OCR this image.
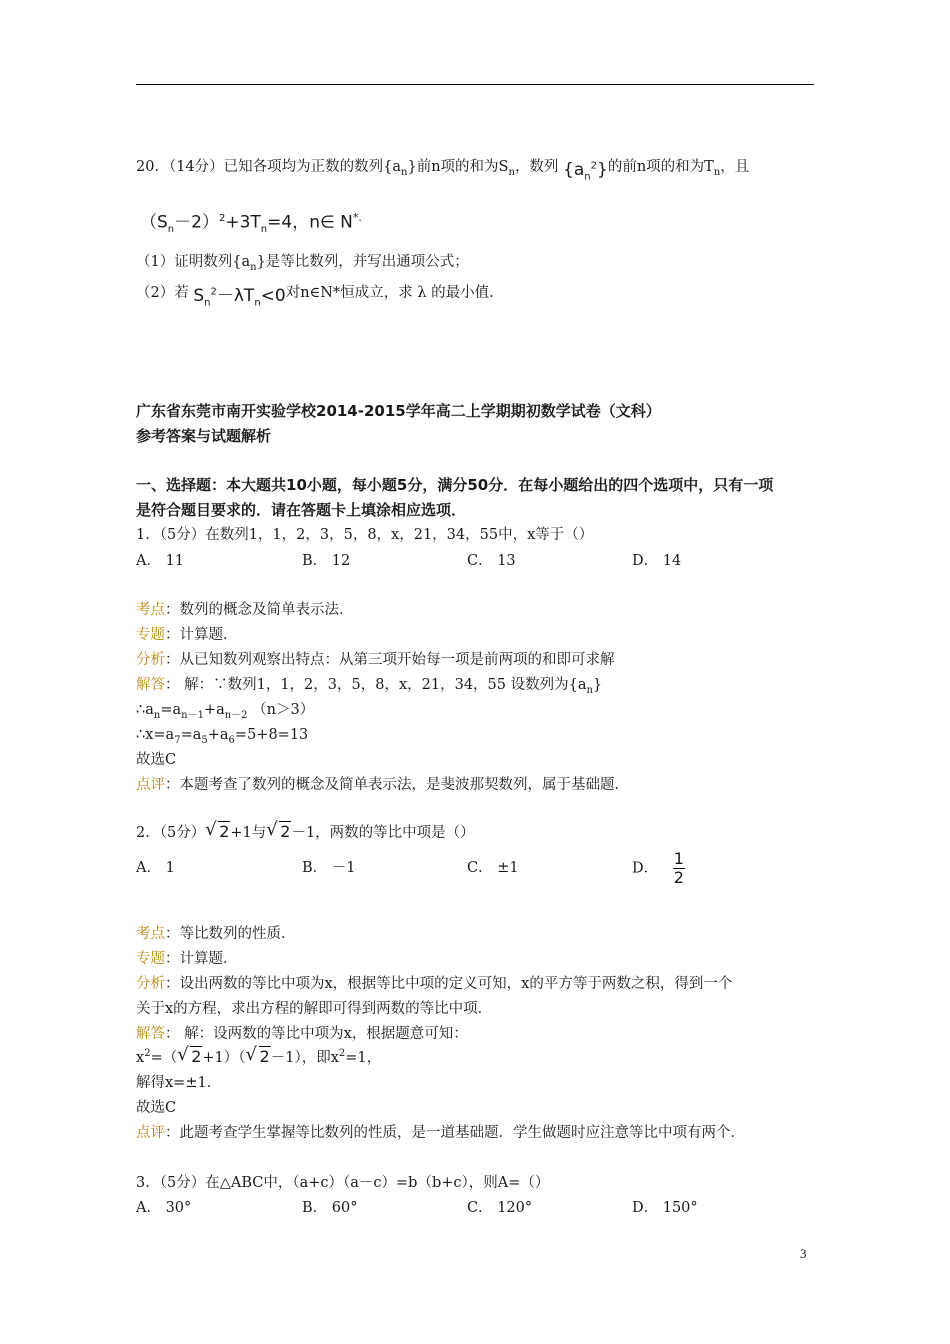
20．（14分）已知各项均为正数的数列$\{a_n\}$前n项的和为$S_n$，数列 $\{a_n^2\}$的前n项的和为$T_n$，且
$(S_n-2)^2+3T_n=4$，n∈ N*.
（1）证明数列$\{a_n\}$是等比数列，并写出通项公式；
（2）若 $S_n^2-\lambda T_n<0$对n∈N*恒成立，求 λ 的最小值.
广东省东莞市南开实验学校2014-2015学年高二上学期期初数学试卷（文科）
参考答案与试题解析
一、选择题：本大题共10小题，每小题5分，满分50分．在每小题给出的四个选项中，只有一项
是符合题目要求的．请在答题卡上填涂相应选项．
1．（5分）在数列1，1，2，3，5，8，x，21，34，55中，x等于（）
A． 11	B． 12	C． 13	D． 14
考点：数列的概念及简单表示法．
专题：计算题．
分析：从已知数列观察出特点：从第三项开始每一项是前两项的和即可求解
解答： 解：∵数列1，1，2，3，5，8，x，21，34，55 设数列为$\{a_n\}$
$\therefore a_n=a_{n-1}+a_{n-2}$ （n＞3）
$\therefore x=a_7=a_5+a_6=5+8=13$
故选C
点评：本题考查了数列的概念及简单表示法，是斐波那契数列，属于基础题．
2．（5分）√ 2+1与√ 2－1，两数的等比中项是（）
A． 1	B． －1	C． ±1	D． $\frac{1}{2}$
考点：等比数列的性质．
专题：计算题．
分析：设出两数的等比中项为x，根据等比中项的定义可知，x的平方等于两数之积，得到一个
关于x的方程，求出方程的解即可得到两数的等比中项．
解答： 解：设两数的等比中项为x，根据题意可知：
$x^2=(√$ 2+1）（√ 2－1），即$x^2=1$，
解得x=±1．
故选C
点评：此题考查学生掌握等比数列的性质，是一道基础题．学生做题时应注意等比中项有两个．
3．（5分）在△ABC中，（a+c）（a－c）=b（b+c），则A=（）
A． 30°	B． 60°	C． 120°	D． 150°
3
